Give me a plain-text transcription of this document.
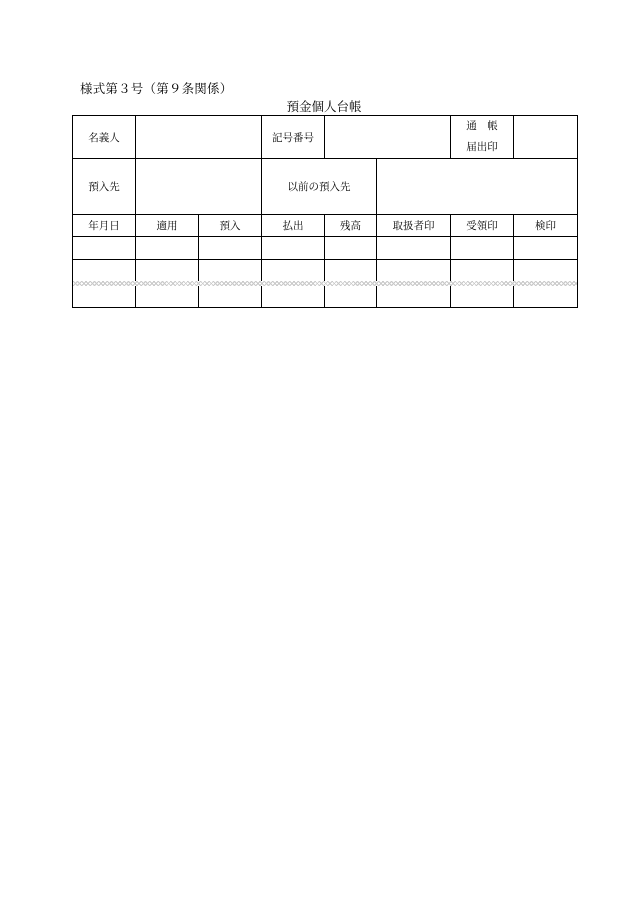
様式第３号（第９条関係）
預金個人台帳
名義人			記号番号			通　帳
届出印	

預入先			以前の預入先				
年月日	適用	預入	払出	残高	取扱者印	受領印	検印
